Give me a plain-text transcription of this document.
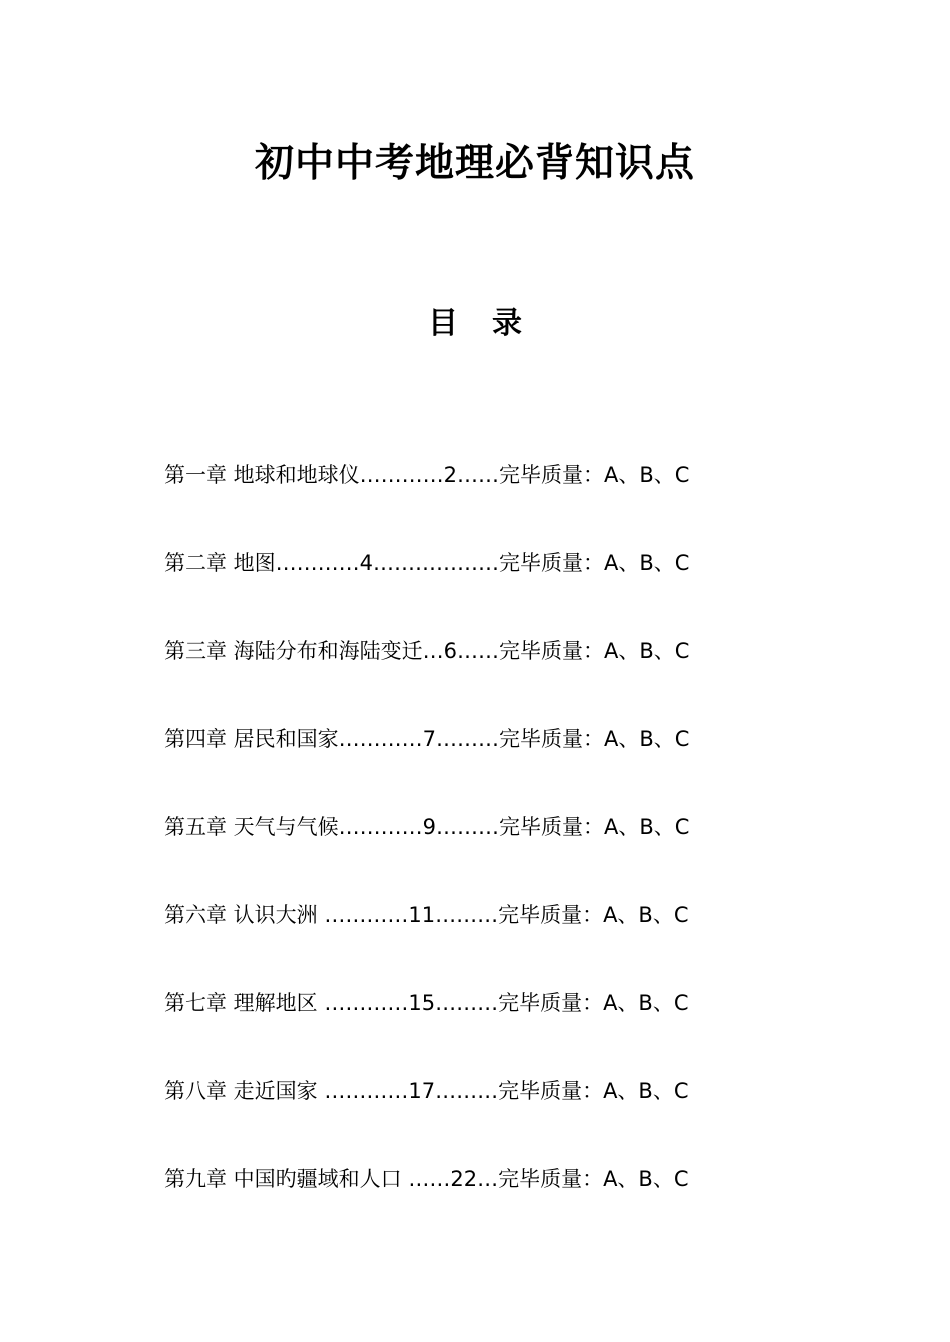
初中中考地理必背知识点
目 录
第一章 地球和地球仪…………2……完毕质量：A、B、C
第二章 地图…………4………………完毕质量：A、B、C
第三章 海陆分布和海陆变迁…6……完毕质量：A、B、C
第四章 居民和国家…………7………完毕质量：A、B、C
第五章 天气与气候…………9………完毕质量：A、B、C
第六章 认识大洲 …………11………完毕质量：A、B、C
第七章 理解地区 …………15………完毕质量：A、B、C
第八章 走近国家 …………17………完毕质量：A、B、C
第九章 中国旳疆域和人口 ……22…完毕质量：A、B、C
